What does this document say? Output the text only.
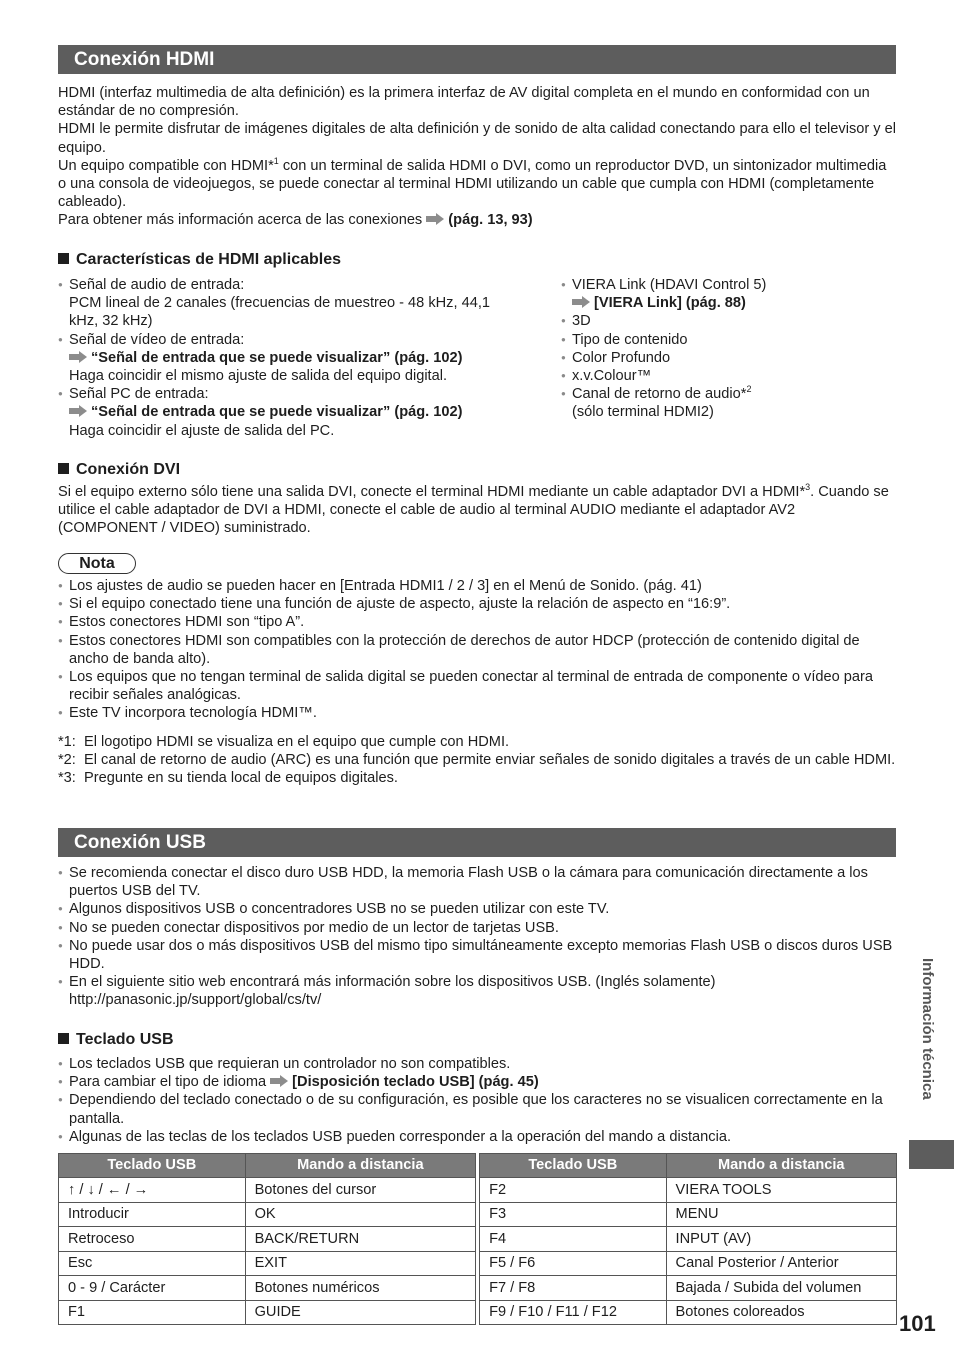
Conexión HDMI

HDMI (interfaz multimedia de alta definición) es la primera interfaz de AV digital completa en el mundo en conformidad con un estándar de no compresión.

HDMI le permite disfrutar de imágenes digitales de alta definición y de sonido de alta calidad conectando para ello el televisor y el equipo.

Un equipo compatible con HDMI*$^1$ con un terminal de salida HDMI o DVI, como un reproductor DVD, un sintonizador multimedia o una consola de videojuegos, se puede conectar al terminal HDMI utilizando un cable que cumpla con HDMI (completamente cableado).

Para obtener más información acerca de las conexiones
(pág. 13, 93)

Características de HDMI aplicables
● Señal de audio de entrada:
PCM lineal de 2 canales (frecuencias de muestreo - 48 kHz, 44,1 kHz, 32 kHz)
● Señal de vídeo de entrada:

“Señal de entrada que se puede visualizar” (pág. 102)
Haga coincidir el mismo ajuste de salida del equipo digital.
● Señal PC de entrada:

“Señal de entrada que se puede visualizar” (pág. 102)
Haga coincidir el ajuste de salida del PC.
● VIERA Link (HDAVI Control 5)

[VIERA Link] (pág. 88)
● 3D
● Tipo de contenido
● Color Profundo
● x.v.Colour™
● Canal de retorno de audio*$^2$
(sólo terminal HDMI2)
Conexión DVI
Si el equipo externo sólo tiene una salida DVI, conecte el terminal HDMI mediante un cable adaptador DVI a HDMI*$^3$. Cuando se utilice el cable adaptador de DVI a HDMI, conecte el cable de audio al terminal AUDIO mediante el adaptador AV2 (COMPONENT / VIDEO) suministrado.
Nota
● Los ajustes de audio se pueden hacer en [Entrada HDMI1 / 2 / 3] en el Menú de Sonido. (pág. 41)
● Si el equipo conectado tiene una función de ajuste de aspecto, ajuste la relación de aspecto en “16:9”.
● Estos conectores HDMI son “tipo A”.
● Estos conectores HDMI son compatibles con la protección de derechos de autor HDCP (protección de contenido digital de ancho de banda alto).
● Los equipos que no tengan terminal de salida digital se pueden conectar al terminal de entrada de componente o vídeo para recibir señales analógicas.
● Este TV incorpora tecnología HDMI™.
*1: El logotipo HDMI se visualiza en el equipo que cumple con HDMI.
*2: El canal de retorno de audio (ARC) es una función que permite enviar señales de sonido digitales a través de un cable HDMI.
*3: Pregunte en su tienda local de equipos digitales.
Conexión USB
● Se recomienda conectar el disco duro USB HDD, la memoria Flash USB o la cámara para comunicación directamente a los puertos USB del TV.
● Algunos dispositivos USB o concentradores USB no se pueden utilizar con este TV.
● No se pueden conectar dispositivos por medio de un lector de tarjetas USB.
● No puede usar dos o más dispositivos USB del mismo tipo simultáneamente excepto memorias Flash USB o discos duros USB HDD.
● En el siguiente sitio web encontrará más información sobre los dispositivos USB. (Inglés solamente)
http://panasonic.jp/support/global/cs/tv/
Teclado USB
● Los teclados USB que requieran un controlador no son compatibles.
● Para cambiar el tipo de idioma
[Disposición teclado USB] (pág. 45)
● Dependiendo del teclado conectado o de su configuración, es posible que los caracteres no se visualicen correctamente en la pantalla.
● Algunas de las teclas de los teclados USB pueden corresponder a la operación del mando a distancia.
Teclado USB	Mando a distancia		Teclado USB	Mando a distancia
↑ / ↓ / ← / →	Botones del cursor		F2	VIERA TOOLS
Introducir	OK		F3	MENU
Retroceso	BACK/RETURN		F4	INPUT (AV)
Esc	EXIT		F5 / F6	Canal Posterior / Anterior
0 - 9 / Carácter	Botones numéricos		F7 / F8	Bajada / Subida del volumen
F1	GUIDE		F9 / F10 / F11 / F12	Botones coloreados
Información técnica
101
